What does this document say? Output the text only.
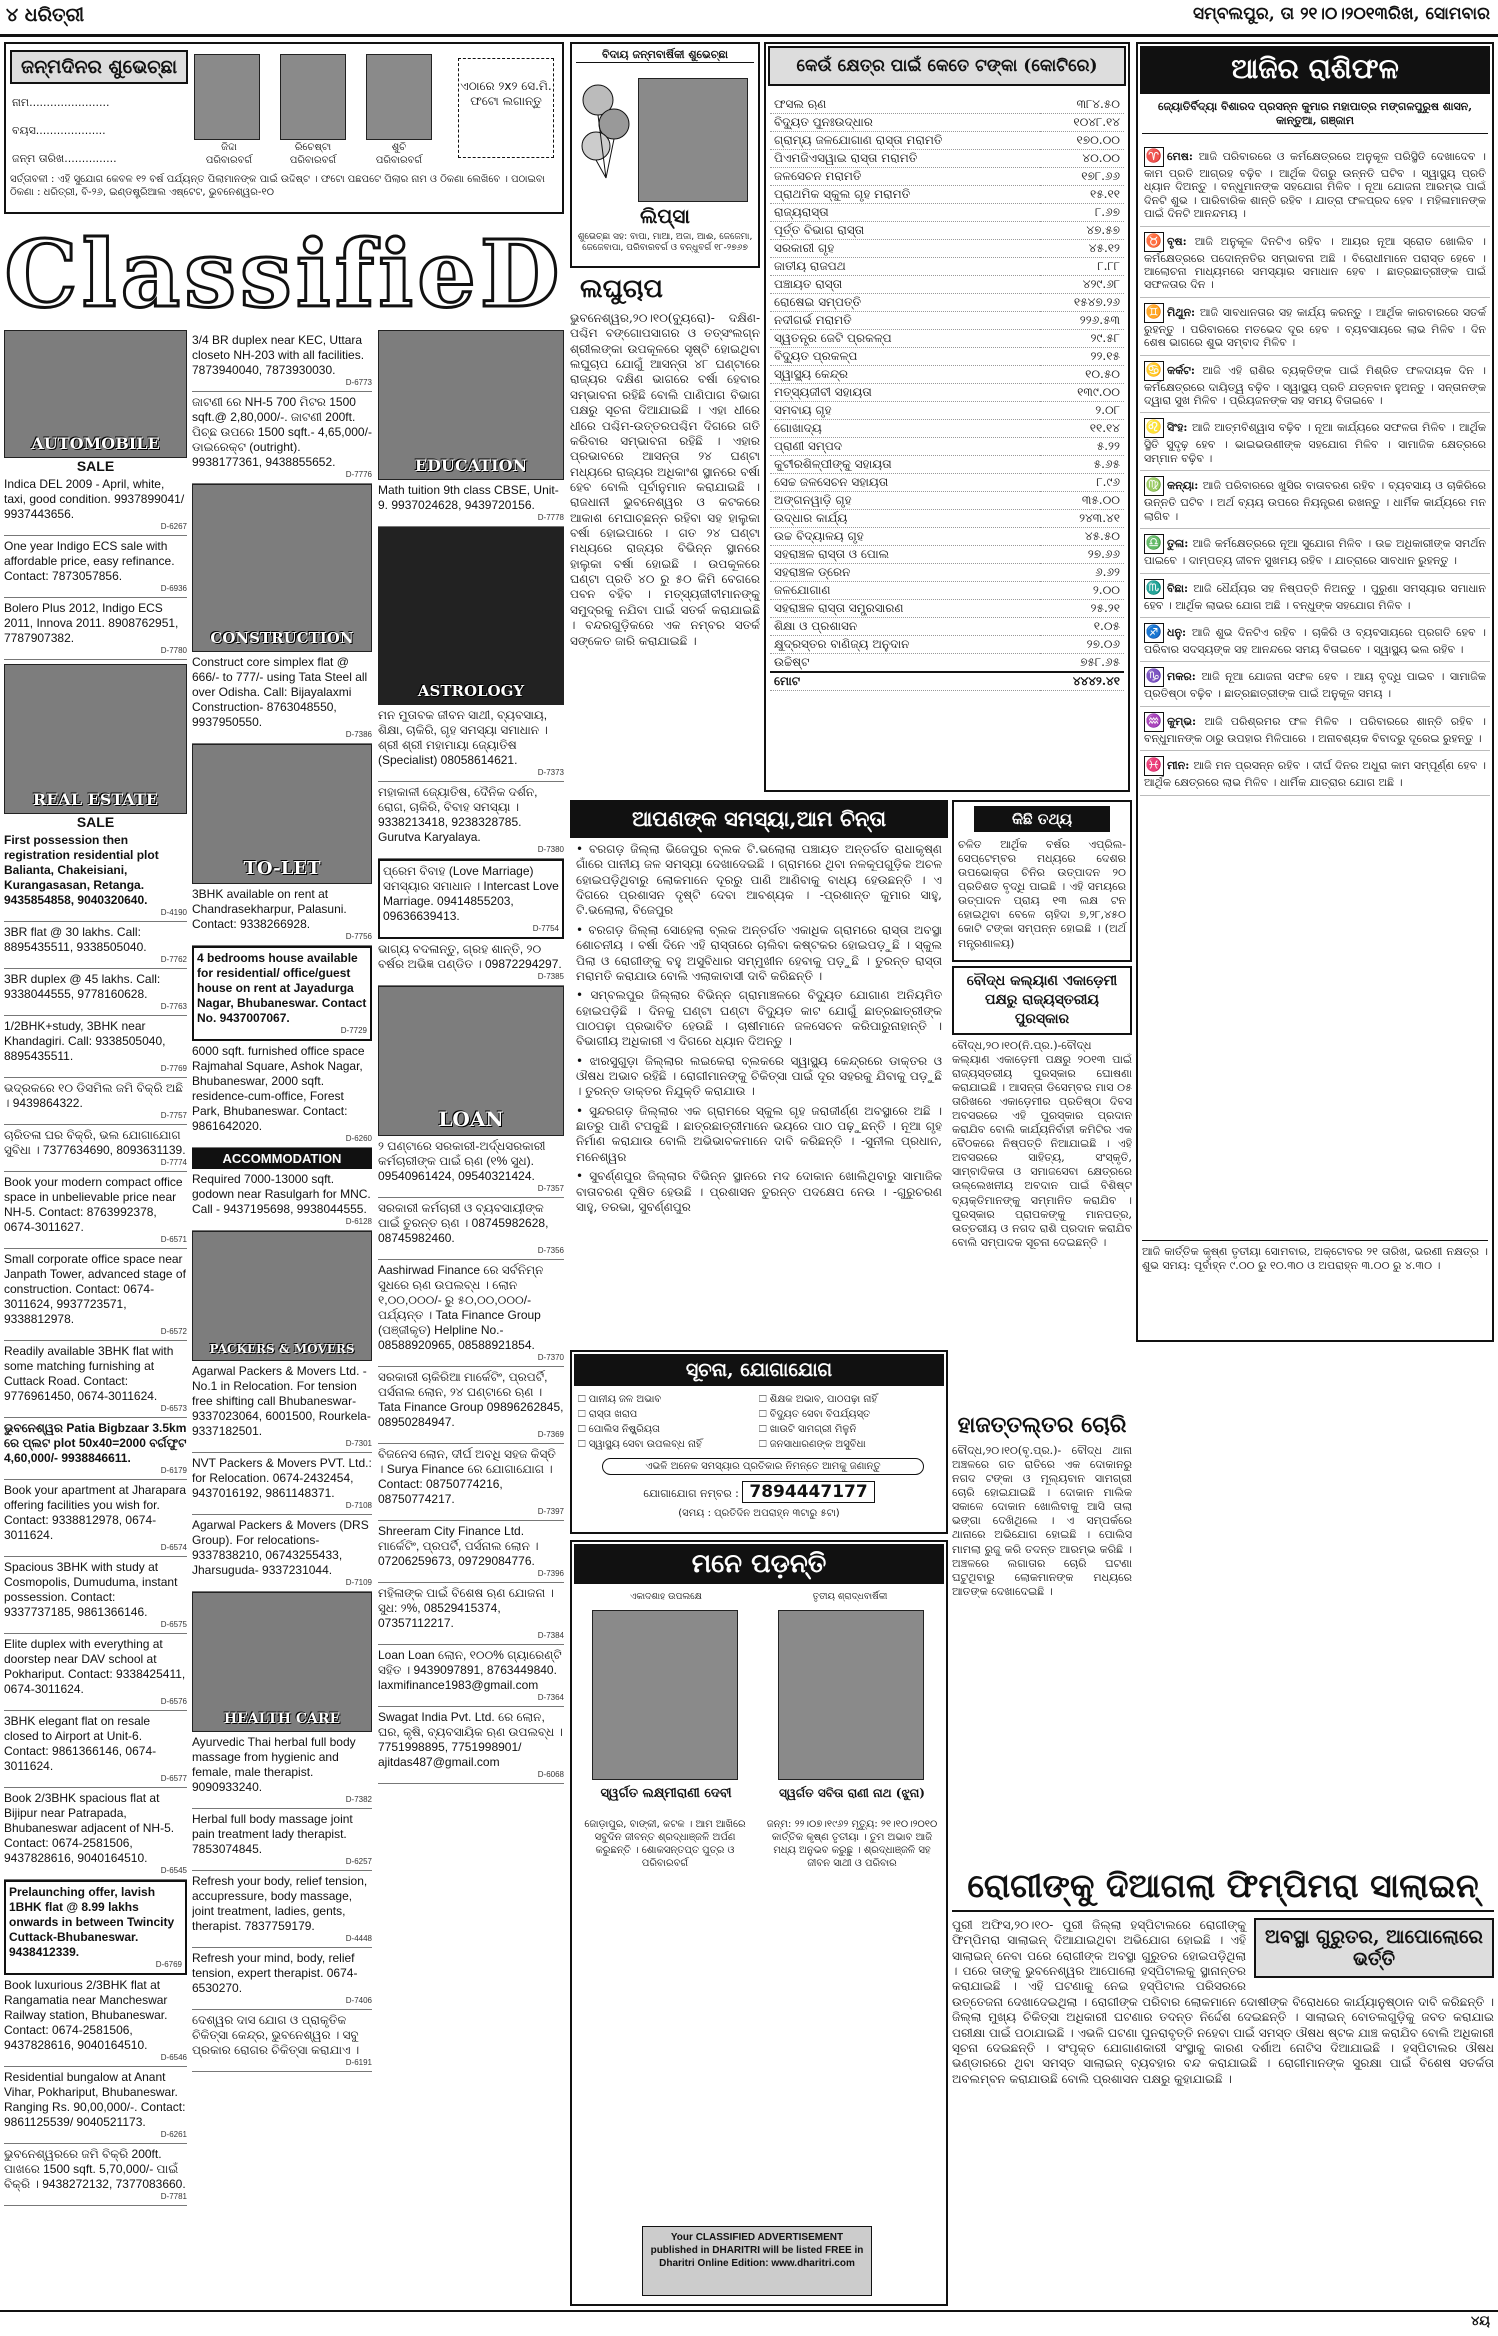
୪ ଧରିତ୍ରୀ	ସମ୍ବଲପୁର, ତା ୨୧।୦।୨୦୧୩ରିଖ, ସୋମବାର
ଜନ୍ମଦିନର ଶୁଭେଚ୍ଛା
ନାମ.......................
ବୟସ....................
ଜନ୍ମ ତାରିଖ...............
ଜିଦ୍ଦା
ପରିବାରବର୍ଗ
ରିଚେଷ୍ଟା
ପରିବାରବର୍ଗ
ଶୁଚି
ପରିବାରବର୍ଗ
ଏଠାରେ ୨x୨ ସେ.ମି. ଫଟୋ ଲଗାନ୍ତୁ
ସର୍ତ୍ତାବଳୀ : ଏହି ସୁଯୋଗ କେବଳ ୧୨ ବର୍ଷ ପର୍ଯ୍ୟନ୍ତ ପିଲାମାନଙ୍କ ପାଇଁ ଉଦ୍ଦିଷ୍ଟ । ଫଟୋ ପଛପଟେ ପିଲାର ନାମ ଓ ଠିକଣା ଲେଖିବେ । ପଠାଇବା ଠିକଣା : ଧରିତ୍ରୀ, ବି-୨୬, ଇଣ୍ଡଷ୍ଟ୍ରିଆଲ ଏଷ୍ଟେଟ, ଭୁବନେଶ୍ୱର-୧୦
ClassifieD
AUTOMOBILE
SALE
Indica DEL 2009 - April, white, taxi, good condition. 9937899041/ 9937443656.
D-6267
One year Indigo ECS sale with affordable price, easy refinance. Contact: 7873057856.
D-6936
Bolero Plus 2012, Indigo ECS 2011, Innova 2011. 8908762951, 7787907382.
D-7780
REAL ESTATE
SALE
First possession then registration residential plot Balianta, Chakeisiani, Kurangasasan, Retanga. 9435854858, 9040320640.
D-4190
3BR flat @ 30 lakhs. Call: 8895435511, 9338505040.
D-7762
3BR duplex @ 45 lakhs. Call: 9338044555, 9778160628.
D-7763
1/2BHK+study, 3BHK near Khandagiri. Call: 9338505040, 8895435511.
D-7769
ଭଦ୍ରକରେ ୧୦ ଡିସମିଲ ଜମି ବିକ୍ରି ଅଛି । 9439864322.
D-7757
ଚାରିତଳା ଘର ବିକ୍ରି, ଭଲ ଯୋଗାଯୋଗ ସୁବିଧା । 7377634690, 8093631139.
D-7774
Book your modern compact office space in unbelievable price near NH-5. Contact: 8763992378, 0674-3011627.
D-6571
Small corporate office space near Janpath Tower, advanced stage of construction. Contact: 0674-3011624, 9937723571, 9338812978.
D-6572
Readily available 3BHK flat with some matching furnishing at Cuttack Road. Contact: 9776961450, 0674-3011624.
D-6573
ଭୁବନେଶ୍ୱର Patia Bigbzaar 3.5km ରେ ପ୍ଲଟ plot 50x40=2000 ବର୍ଗଫୁଟ 4,60,000/- 9938846611.
D-6179
Book your apartment at Jharapara offering facilities you wish for. Contact: 9338812978, 0674-3011624.
D-6574
Spacious 3BHK with study at Cosmopolis, Dumuduma, instant possession. Contact: 9337737185, 9861366146.
D-6575
Elite duplex with everything at doorstep near DAV school at Pokhariput. Contact: 9338425411, 0674-3011624.
D-6576
3BHK elegant flat on resale closed to Airport at Unit-6. Contact: 9861366146, 0674-3011624.
D-6577
Book 2/3BHK spacious flat at Bijipur near Patrapada, Bhubaneswar adjacent of NH-5. Contact: 0674-2581506, 9437828616, 9040164510.
D-6545
Prelaunching offer, lavish 1BHK flat @ 8.99 lakhs onwards in between Twincity Cuttack-Bhubaneswar. 9438412339.
D-6769
Book luxurious 2/3BHK flat at Rangamatia near Mancheswar Railway station, Bhubaneswar. Contact: 0674-2581506, 9437828616, 9040164510.
D-6546
Residential bungalow at Anant Vihar, Pokhariput, Bhubaneswar. Ranging Rs. 90,00,000/-. Contact: 9861125539/ 9040521173.
D-6261
ଭୁବନେଶ୍ୱରରେ ଜମି ବିକ୍ରି 200ft. ପାଖରେ 1500 sqft. 5,70,000/- ପାଇଁ ବିକ୍ରି । 9438272132, 7377083660.
D-7781
3/4 BR duplex near KEC, Uttara closeto NH-203 with all facilities. 7873940040, 7873930030.
D-6773
ଜାଟଣୀ ରେ NH-5 700 ମିଟର 1500 sqft.@ 2,80,000/-. ଜାଟଣୀ 200ft. ପିଚ୍ଛ ଉପରେ 1500 sqft.- 4,65,000/- ଡାଇରେକ୍ଟ (outright). 9938177361, 9438855652.
D-7776
CONSTRUCTION
Construct core simplex flat @ 666/- to 777/- using Tata Steel all over Odisha. Call: Bijayalaxmi Construction- 8763048550, 9937950550.
D-7386
TO-LET
3BHK available on rent at Chandrasekharpur, Palasuni. Contact: 9338266928.
D-7756
4 bedrooms house available for residential/ office/guest house on rent at Jayadurga Nagar, Bhubaneswar. Contact No. 9437007067.
D-7729
6000 sqft. furnished office space Rajmahal Square, Ashok Nagar, Bhubaneswar, 2000 sqft. residence-cum-office, Forest Park, Bhubaneswar. Contact: 9861642020.
D-6260
ACCOMMODATION
Required 7000-13000 sqft. godown near Rasulgarh for MNC. Call - 9437195698, 9938044555.
D-6128
PACKERS & MOVERS
Agarwal Packers & Movers Ltd. - No.1 in Relocation. For tension free shifting call Bhubaneswar- 9337023064, 6001500, Rourkela- 9337182501.
D-7301
NVT Packers & Movers PVT. Ltd.: for Relocation. 0674-2432454, 9437016192, 9861148371.
D-7108
Agarwal Packers & Movers (DRS Group). For relocations- 9337838210, 06743255433, Jharsuguda- 9337231044.
D-7109
HEALTH CARE
Ayurvedic Thai herbal full body massage from hygienic and female, male therapist. 9090933240.
D-7382
Herbal full body massage joint pain treatment lady therapist. 7853074845.
D-6257
Refresh your body, relief tension, accupressure, body massage, joint treatment, ladies, gents, therapist. 7837759179.
D-4448
Refresh your mind, body, relief tension, expert therapist. 0674-6530270.
D-7406
ଦେଶ୍ୱର ଦାସ ଯୋଗ ଓ ପ୍ରାକୃତିକ ଚିକିତ୍ସା କେନ୍ଦ୍ର, ଭୁବନେଶ୍ୱର । ସବୁ ପ୍ରକାର ରୋଗର ଚିକିତ୍ସା କରାଯାଏ ।
D-6191
EDUCATION
Math tuition 9th class CBSE, Unit-9. 9937024628, 9439720156.
D-7778
ASTROLOGY
ମନ ମୁତାବକ ଜୀବନ ସାଥୀ, ବ୍ୟବସାୟ, ଶିକ୍ଷା, ଚାକିରି, ଗୃହ ସମସ୍ୟା ସମାଧାନ । ଶ୍ରୀ ଶ୍ରୀ ମହାମାୟା ଜ୍ୟୋତିଷ (Specialist) 08058614621.
D-7373
ମହାକାଳୀ ଜ୍ୟୋତିଷ, ଦୈନିକ ଦର୍ଶନ, ରୋଗ, ଚାକିରି, ବିବାହ ସମସ୍ୟା । 9338213418, 9238328785. Gurutva Karyalaya.
D-7380
ପ୍ରେମ ବିବାହ (Love Marriage) ସମସ୍ୟାର ସମାଧାନ । Intercast Love Marriage. 09414855203, 09636639413.
D-7754
ଭାଗ୍ୟ ବଦଳାନ୍ତୁ, ଗ୍ରହ ଶାନ୍ତି, ୨୦ ବର୍ଷର ଅଭିଜ୍ଞ ପଣ୍ଡିତ । 09872294297.
D-7385
LOAN
୨ ଘଣ୍ଟାରେ ସରକାରୀ-ଅର୍ଦ୍ଧସରକାରୀ କର୍ମଚାରୀଙ୍କ ପାଇଁ ଋଣ (୧% ସୁଧ). 09540961424, 09540321424.
D-7357
ସରକାରୀ କର୍ମଚାରୀ ଓ ବ୍ୟବସାୟୀଙ୍କ ପାଇଁ ତୁରନ୍ତ ଋଣ । 08745982628, 08745982460.
D-7356
Aashirwad Finance ରେ ସର୍ବନିମ୍ନ ସୁଧରେ ଋଣ ଉପଲବ୍ଧ । ଲୋନ ୧,୦୦,୦୦୦/- ରୁ ୫୦,୦୦,୦୦୦/- ପର୍ଯ୍ୟନ୍ତ । Tata Finance Group (ପଞ୍ଜୀକୃତ) Helpline No.- 08588920965, 08588921854.
D-7370
ସରକାରୀ ଚାକିରିଆ ମାର୍କେଟିଂ, ପ୍ରପର୍ଟି, ପର୍ସନାଲ ଲୋନ, ୨୪ ଘଣ୍ଟାରେ ଋଣ । Tata Finance Group 09896262845, 08950284947.
D-7369
ବିଜନେସ ଲୋନ, ଦୀର୍ଘ ଅବଧି ସହଜ କିସ୍ତି । Surya Finance ରେ ଯୋଗାଯୋଗ । Contact: 08750774216, 08750774217.
D-7397
Shreeram City Finance Ltd. ମାର୍କେଟିଂ, ପ୍ରପର୍ଟି, ପର୍ସନାଲ ଲୋନ । 07206259673, 09729084776.
D-7396
ମହିଳାଙ୍କ ପାଇଁ ବିଶେଷ ଋଣ ଯୋଜନା । ସୁଧ: ୨%, 08529415374, 07357112217.
D-7384
Loan Loan ଲୋନ, ୧୦୦% ଗ୍ୟାରେଣ୍ଟି ସହିତ । 9439097891, 8763449840. laxmifinance1983@gmail.com
D-7364
Swagat India Pvt. Ltd. ରେ ଲୋନ, ଘର, କୃଷି, ବ୍ୟବସାୟିକ ଋଣ ଉପଲବ୍ଧ । 7751998895, 7751998901/ ajitdas487@gmail.com
D-6068
ବିଦାୟ ଜନ୍ମବାର୍ଷିକୀ ଶୁଭେଚ୍ଛା
ଲିପ୍ସା
ଶୁଭେଚ୍ଛା ସହ: ବାପା, ମାଆ, ଅଜା, ଆଈ, ଜେଜେମା, ଜେଜେବାପା, ପରିବାରବର୍ଗ ଓ ବନ୍ଧୁବର୍ଗ ୧୮-୨୭୬୭
ଲଘୁଚାପ
ଭୁବନେଶ୍ୱର,୨୦।୧୦(ବ୍ୟୁରୋ)- ଦକ୍ଷିଣ-ପଶ୍ଚିମ ବଙ୍ଗୋପସାଗର ଓ ତତ୍ସଂଲଗ୍ନ ଶ୍ରୀଲଙ୍କା ଉପକୂଳରେ ସୃଷ୍ଟି ହୋଇଥିବା ଲଘୁଚାପ ଯୋଗୁଁ ଆସନ୍ତା ୪୮ ଘଣ୍ଟାରେ ରାଜ୍ୟର ଦକ୍ଷିଣ ଭାଗରେ ବର୍ଷା ହେବାର ସମ୍ଭାବନା ରହିଛି ବୋଲି ପାଣିପାଗ ବିଭାଗ ପକ୍ଷରୁ ସୂଚନା ଦିଆଯାଇଛି । ଏହା ଧୀରେ ଧୀରେ ପଶ୍ଚିମ-ଉତ୍ତରପଶ୍ଚିମ ଦିଗରେ ଗତି କରିବାର ସମ୍ଭାବନା ରହିଛି । ଏହାର ପ୍ରଭାବରେ ଆସନ୍ତା ୨୪ ଘଣ୍ଟା ମଧ୍ୟରେ ରାଜ୍ୟର ଅଧିକାଂଶ ସ୍ଥାନରେ ବର୍ଷା ହେବ ବୋଲି ପୂର୍ବାନୁମାନ କରାଯାଇଛି । ରାଜଧାନୀ ଭୁବନେଶ୍ୱର ଓ କଟକରେ ଆକାଶ ମେଘାଚ୍ଛନ୍ନ ରହିବା ସହ ହାଲୁକା ବର୍ଷା ହୋଇପାରେ । ଗତ ୨୪ ଘଣ୍ଟା ମଧ୍ୟରେ ରାଜ୍ୟର ବିଭିନ୍ନ ସ୍ଥାନରେ ହାଲୁକା ବର୍ଷା ହୋଇଛି । ଉପକୂଳରେ ଘଣ୍ଟା ପ୍ରତି ୪୦ ରୁ ୫୦ କିମି ବେଗରେ ପବନ ବହିବ । ମତ୍ସ୍ୟଜୀବୀମାନଙ୍କୁ ସମୁଦ୍ରକୁ ନଯିବା ପାଇଁ ସତର୍କ କରାଯାଇଛି । ବନ୍ଦରଗୁଡ଼ିକରେ ଏକ ନମ୍ବର ସତର୍କ ସଙ୍କେତ ଜାରି କରାଯାଇଛି ।
କେଉଁ କ୍ଷେତ୍ର ପାଇଁ କେତେ ଟଙ୍କା (କୋଟିରେ)
ଫସଲ ଋଣ	୩୮୪.୫୦
ବିଦ୍ୟୁତ ପୁନଃଉଦ୍ଧାର	୧୦୪୮.୧୪
ଗ୍ରାମ୍ୟ ଜଳଯୋଗାଣ ରାସ୍ତା ମରାମତି	୧୭୦.୦୦
ପିଏମଜିଏସୱାଇ ରାସ୍ତା ମରାମତି	୪୦.୦୦
ଜଳସେଚନ ମରାମତି	୧୭୮.୬୬
ପ୍ରାଥମିକ ସ୍କୁଲ ଗୃହ ମରାମତି	୧୫.୧୧
ରାଜ୍ୟରାସ୍ତା	୮.୬୭
ପୂର୍ତ୍ତ ବିଭାଗ ରାସ୍ତା	୪୭.୫୭
ସରକାରୀ ଗୃହ	୪୫.୧୨
ଜାତୀୟ ରାଜପଥ	୮.୮୮
ପଞ୍ଚାୟତ ରାସ୍ତା	୪୨୯.୬୮
ରୋଷେଇ ସମ୍ପତ୍ତି	୧୫୪୭.୨୬
ନଦୀଗର୍ଭ ମରାମତି	୨୨୬.୫୩
ସ୍ୱତନ୍ତ୍ର ଜେଟି ପ୍ରକଳ୍ପ	୨୯.୫୮
ବିଦ୍ୟୁତ ପ୍ରକଳ୍ପ	୨୨.୧୫
ସ୍ୱାସ୍ଥ୍ୟ କେନ୍ଦ୍ର	୧୦.୫୦
ମତ୍ସ୍ୟଜୀବୀ ସହାୟତା	୧୩୯.୦୦
ସମବାୟ ଗୃହ	୨.୦୮
ଗୋଖାଦ୍ୟ	୧୧.୧୪
ପ୍ରାଣୀ ସମ୍ପଦ	୫.୨୨
କୁଟୀରଶିଳ୍ପୀଙ୍କୁ ସହାୟତା	୫.୬୫
ସେଚ୍ଚ ଜଳସେଚନ ସହାୟତା	୮.୯୬
ଅଙ୍ଗନୱାଡ଼ି ଗୃହ	୩୫.୦୦
ଉଦ୍ଧାର କାର୍ଯ୍ୟ	୨୪୩.୪୧
ଉଚ୍ଚ ବିଦ୍ୟାଳୟ ଗୃହ	୪୫.୫୦
ସହରାଞ୍ଚଳ ରାସ୍ତା ଓ ପୋଲ	୨୭.୬୬
ସହରାଞ୍ଚଳ ଡ୍ରେନ	୬.୬୨
ଜଳଯୋଗାଣ	୨.୦୦
ସହରାଞ୍ଚଳ ରାସ୍ତା ସମ୍ପ୍ରସାରଣ	୨୫.୨୧
ଶିକ୍ଷା ଓ ପ୍ରଶାସନ	୧.୦୫
କ୍ଷୁଦ୍ରସ୍ତର ବାଣିଜ୍ୟ ଅନୁଦାନ	୨୭.୦୬
ଉଚ୍ଚିଷ୍ଟ	୭୫୮.୬୫
ମୋଟ	୪୪୪୨.୪୧
ଆଜିର ରାଶିଫଳ
ଜ୍ୟୋତିର୍ବିଦ୍ୟା ବିଶାରଦ ପ୍ରସନ୍ନ କୁମାର ମହାପାତ୍ର ମଙ୍ଗଳପୁରୁଷ ଶାସନ, କାନ୍ତୁଆ, ଗଞ୍ଜାମ
♈ ମେଷ: ଆଜି ପରିବାରରେ ଓ କର୍ମକ୍ଷେତ୍ରରେ ଅନୁକୂଳ ପରିସ୍ଥିତି ଦେଖାଦେବ । କାମ ପ୍ରତି ଆଗ୍ରହ ବଢ଼ିବ । ଆର୍ଥିକ ଦିଗରୁ ଉନ୍ନତି ଘଟିବ । ସ୍ୱାସ୍ଥ୍ୟ ପ୍ରତି ଧ୍ୟାନ ଦିଅନ୍ତୁ । ବନ୍ଧୁମାନଙ୍କ ସହଯୋଗ ମିଳିବ । ନୂଆ ଯୋଜନା ଆରମ୍ଭ ପାଇଁ ଦିନଟି ଶୁଭ । ପାରିବାରିକ ଶାନ୍ତି ରହିବ । ଯାତ୍ରା ଫଳପ୍ରଦ ହେବ । ମହିଳାମାନଙ୍କ ପାଇଁ ଦିନଟି ଆନନ୍ଦମୟ ।
♉ ବୃଷ: ଆଜି ଅନୁକୂଳ ଦିନଟିଏ ରହିବ । ଆୟର ନୂଆ ସ୍ରୋତ ଖୋଲିବ । କର୍ମକ୍ଷେତ୍ରରେ ପଦୋନ୍ନତିର ସମ୍ଭାବନା ଅଛି । ବିରୋଧୀମାନେ ପରାସ୍ତ ହେବେ । ଆଲୋଚନା ମାଧ୍ୟମରେ ସମସ୍ୟାର ସମାଧାନ ହେବ । ଛାତ୍ରଛାତ୍ରୀଙ୍କ ପାଇଁ ସଫଳତାର ଦିନ ।
♊ ମିଥୁନ: ଆଜି ସାବଧାନତାର ସହ କାର୍ଯ୍ୟ କରନ୍ତୁ । ଆର୍ଥିକ କାରବାରରେ ସତର୍କ ରୁହନ୍ତୁ । ପରିବାରରେ ମତଭେଦ ଦୂର ହେବ । ବ୍ୟବସାୟରେ ଲାଭ ମିଳିବ । ଦିନ ଶେଷ ଭାଗରେ ଶୁଭ ସମ୍ବାଦ ମିଳିବ ।
♋ କର୍କଟ: ଆଜି ଏହି ରାଶିର ବ୍ୟକ୍ତିଙ୍କ ପାଇଁ ମିଶ୍ରିତ ଫଳଦାୟକ ଦିନ । କର୍ମକ୍ଷେତ୍ରରେ ଦାୟିତ୍ୱ ବଢ଼ିବ । ସ୍ୱାସ୍ଥ୍ୟ ପ୍ରତି ଯତ୍ନବାନ ହୁଅନ୍ତୁ । ସନ୍ତାନଙ୍କ ଦ୍ୱାରା ସୁଖ ମିଳିବ । ପ୍ରିୟଜନଙ୍କ ସହ ସମୟ ବିତାଇବେ ।
♌ ସିଂହ: ଆଜି ଆତ୍ମବିଶ୍ୱାସ ବଢ଼ିବ । ନୂଆ କାର୍ଯ୍ୟରେ ସଫଳତା ମିଳିବ । ଆର୍ଥିକ ସ୍ଥିତି ସୁଦୃଢ଼ ହେବ । ଭାଇଭଉଣୀଙ୍କ ସହଯୋଗ ମିଳିବ । ସାମାଜିକ କ୍ଷେତ୍ରରେ ସମ୍ମାନ ବଢ଼ିବ ।
♍ କନ୍ୟା: ଆଜି ପରିବାରରେ ଖୁସିର ବାତାବରଣ ରହିବ । ବ୍ୟବସାୟ ଓ ଚାକିରିରେ ଉନ୍ନତି ଘଟିବ । ଅର୍ଥ ବ୍ୟୟ ଉପରେ ନିୟନ୍ତ୍ରଣ ରଖନ୍ତୁ । ଧାର୍ମିକ କାର୍ଯ୍ୟରେ ମନ ଲାଗିବ ।
♎ ତୁଳା: ଆଜି କର୍ମକ୍ଷେତ୍ରରେ ନୂଆ ସୁଯୋଗ ମିଳିବ । ଉଚ୍ଚ ଅଧିକାରୀଙ୍କ ସମର୍ଥନ ପାଇବେ । ଦାମ୍ପତ୍ୟ ଜୀବନ ସୁଖମୟ ରହିବ । ଯାତ୍ରାରେ ସାବଧାନ ରୁହନ୍ତୁ ।
♏ ବିଛା: ଆଜି ଧୈର୍ଯ୍ୟର ସହ ନିଷ୍ପତ୍ତି ନିଅନ୍ତୁ । ପୁରୁଣା ସମସ୍ୟାର ସମାଧାନ ହେବ । ଆର୍ଥିକ ଲାଭର ଯୋଗ ଅଛି । ବନ୍ଧୁଙ୍କ ସହଯୋଗ ମିଳିବ ।
♐ ଧନୁ: ଆଜି ଶୁଭ ଦିନଟିଏ ରହିବ । ଚାକିରି ଓ ବ୍ୟବସାୟରେ ପ୍ରଗତି ହେବ । ପରିବାର ସଦସ୍ୟଙ୍କ ସହ ଆନନ୍ଦରେ ସମୟ ବିତାଇବେ । ସ୍ୱାସ୍ଥ୍ୟ ଭଲ ରହିବ ।
♑ ମକର: ଆଜି ନୂଆ ଯୋଜନା ସଫଳ ହେବ । ଆୟ ବୃଦ୍ଧି ପାଇବ । ସାମାଜିକ ପ୍ରତିଷ୍ଠା ବଢ଼ିବ । ଛାତ୍ରଛାତ୍ରୀଙ୍କ ପାଇଁ ଅନୁକୂଳ ସମୟ ।
♒ କୁମ୍ଭ: ଆଜି ପରିଶ୍ରମର ଫଳ ମିଳିବ । ପରିବାରରେ ଶାନ୍ତି ରହିବ । ବନ୍ଧୁମାନଙ୍କ ଠାରୁ ଉପହାର ମିଳିପାରେ । ଅନାବଶ୍ୟକ ବିବାଦରୁ ଦୂରେଇ ରୁହନ୍ତୁ ।
♓ ମୀନ: ଆଜି ମନ ପ୍ରସନ୍ନ ରହିବ । ଦୀର୍ଘ ଦିନର ଅଧୁରା କାମ ସମ୍ପୂର୍ଣ୍ଣ ହେବ । ଆର୍ଥିକ କ୍ଷେତ୍ରରେ ଲାଭ ମିଳିବ । ଧାର୍ମିକ ଯାତ୍ରାର ଯୋଗ ଅଛି ।
ଆଜି କାର୍ତ୍ତିକ କୃଷ୍ଣ ତୃତୀୟା ସୋମବାର, ଅକ୍ଟୋବର ୨୧ ତାରିଖ, ଭରଣୀ ନକ୍ଷତ୍ର । ଶୁଭ ସମୟ: ପୂର୍ବାହ୍ନ ୯.୦୦ ରୁ ୧୦.୩୦ ଓ ଅପରାହ୍ନ ୩.୦୦ ରୁ ୪.୩୦ ।
ଆପଣଙ୍କ ସମସ୍ୟା,ଆମ ଚିନ୍ତା

• ବରଗଡ଼ ଜିଲ୍ଲା ଭିଜେପୁର ବ୍ଲକ ଟି.ଭଲୋଲା ପଞ୍ଚାୟତ ଅନ୍ତର୍ଗତ ରାଧାକୃଷ୍ଣ ଗାଁରେ ପାନୀୟ ଜଳ ସମସ୍ୟା ଦେଖାଦେଇଛି । ଗ୍ରାମରେ ଥିବା ନଳକୂପଗୁଡ଼ିକ ଅଚଳ ହୋଇପଡ଼ିଥିବାରୁ ଲୋକମାନେ ଦୂରରୁ ପାଣି ଆଣିବାକୁ ବାଧ୍ୟ ହେଉଛନ୍ତି । ଏ ଦିଗରେ ପ୍ରଶାସନ ଦୃଷ୍ଟି ଦେବା ଆବଶ୍ୟକ । -ପ୍ରଶାନ୍ତ କୁମାର ସାହୁ, ଟି.ଭଲୋଲା, ବିଜେପୁର

• ବରଗଡ଼ ଜିଲ୍ଲା ସୋହେଲା ବ୍ଲକ ଅନ୍ତର୍ଗତ ଏକାଧିକ ଗ୍ରାମରେ ରାସ୍ତା ଅବସ୍ଥା ଶୋଚନୀୟ । ବର୍ଷା ଦିନେ ଏହି ରାସ୍ତାରେ ଚାଲିବା କଷ୍ଟକର ହୋଇପଡ଼ୁଛି । ସ୍କୁଲ ପିଲା ଓ ରୋଗୀଙ୍କୁ ବହୁ ଅସୁବିଧାର ସମ୍ମୁଖୀନ ହେବାକୁ ପଡ଼ୁଛି । ତୁରନ୍ତ ରାସ୍ତା ମରାମତି କରାଯାଉ ବୋଲି ଏଲାକାବାସୀ ଦାବି କରିଛନ୍ତି ।

• ସମ୍ବଲପୁର ଜିଲ୍ଲାର ବିଭିନ୍ନ ଗ୍ରାମାଞ୍ଚଳରେ ବିଦ୍ୟୁତ ଯୋଗାଣ ଅନିୟମିତ ହୋଇପଡ଼ିଛି । ଦିନକୁ ଘଣ୍ଟା ଘଣ୍ଟା ବିଦ୍ୟୁତ କାଟ ଯୋଗୁଁ ଛାତ୍ରଛାତ୍ରୀଙ୍କ ପାଠପଢ଼ା ପ୍ରଭାବିତ ହେଉଛି । ଚାଷୀମାନେ ଜଳସେଚନ କରିପାରୁନାହାନ୍ତି । ବିଭାଗୀୟ ଅଧିକାରୀ ଏ ଦିଗରେ ଧ୍ୟାନ ଦିଅନ୍ତୁ ।

• ଝାରସୁଗୁଡ଼ା ଜିଲ୍ଲାର ଲଇକେରା ବ୍ଲକରେ ସ୍ୱାସ୍ଥ୍ୟ କେନ୍ଦ୍ରରେ ଡାକ୍ତର ଓ ଔଷଧ ଅଭାବ ରହିଛି । ରୋଗୀମାନଙ୍କୁ ଚିକିତ୍ସା ପାଇଁ ଦୂର ସହରକୁ ଯିବାକୁ ପଡ଼ୁଛି । ତୁରନ୍ତ ଡାକ୍ତର ନିଯୁକ୍ତି କରାଯାଉ ।

• ସୁନ୍ଦରଗଡ଼ ଜିଲ୍ଲାର ଏକ ଗ୍ରାମରେ ସ୍କୁଲ ଗୃହ ଜରାଜୀର୍ଣ୍ଣ ଅବସ୍ଥାରେ ଅଛି । ଛାତରୁ ପାଣି ଟପକୁଛି । ଛାତ୍ରଛାତ୍ରୀମାନେ ଭୟରେ ପାଠ ପଢ଼ୁଛନ୍ତି । ନୂଆ ଗୃହ ନିର୍ମାଣ କରାଯାଉ ବୋଲି ଅଭିଭାବକମାନେ ଦାବି କରିଛନ୍ତି । -ସୁନୀଲ ପ୍ରଧାନ, ମନେଶ୍ୱର

• ସୁବର୍ଣ୍ଣପୁର ଜିଲ୍ଲାର ବିଭିନ୍ନ ସ୍ଥାନରେ ମଦ ଦୋକାନ ଖୋଲିଥିବାରୁ ସାମାଜିକ ବାତାବରଣ ଦୂଷିତ ହେଉଛି । ପ୍ରଶାସନ ତୁରନ୍ତ ପଦକ୍ଷେପ ନେଉ । -ଗୁରୁଚରଣ ସାହୁ, ତରଭା, ସୁବର୍ଣ୍ଣପୁର

କିଛି ତଥ୍ୟ
ଚଳିତ ଆର୍ଥିକ ବର୍ଷର ଏପ୍ରିଲ-ସେପ୍ଟେମ୍ବର ମଧ୍ୟରେ ଦେଶର ଉପଭୋକ୍ତା ଚିନିର ଉତ୍ପାଦନ ୨୦ ପ୍ରତିଶତ ବୃଦ୍ଧି ପାଇଛି । ଏହି ସମୟରେ ଉତ୍ପାଦନ ପ୍ରାୟ ୧୩ ଲକ୍ଷ ଟନ ହୋଇଥିବା ବେଳେ ଚାହିଦା ୭,୨୮,୪୫୦ କୋଟି ଟଙ୍କା ସମ୍ପନ୍ନ ହୋଇଛି । (ଅର୍ଥ ମନ୍ତ୍ରଣାଳୟ)
ବୌଦ୍ଧ କଲ୍ୟାଣ ଏକାଡ଼େମୀ ପକ୍ଷରୁ ରାଜ୍ୟସ୍ତରୀୟ ପୁରସ୍କାର
ବୌଦ୍ଧ,୨୦।୧୦(ନି.ପ୍ର.)-ବୌଦ୍ଧ କଲ୍ୟାଣ ଏକାଡ଼େମୀ ପକ୍ଷରୁ ୨୦୧୩ ପାଇଁ ରାଜ୍ୟସ୍ତରୀୟ ପୁରସ୍କାର ଘୋଷଣା କରାଯାଇଛି । ଆସନ୍ତା ଡିସେମ୍ବର ମାସ ୦୫ ତାରିଖରେ ଏକାଡ଼େମୀର ପ୍ରତିଷ୍ଠା ଦିବସ ଅବସରରେ ଏହି ପୁରସ୍କାର ପ୍ରଦାନ କରାଯିବ ବୋଲି କାର୍ଯ୍ୟନିର୍ବାହୀ କମିଟିର ଏକ ବୈଠକରେ ନିଷ୍ପତ୍ତି ନିଆଯାଇଛି । ଏହି ଅବସରରେ ସାହିତ୍ୟ, ସଂସ୍କୃତି, ସାମ୍ବାଦିକତା ଓ ସମାଜସେବା କ୍ଷେତ୍ରରେ ଉଲ୍ଲେଖନୀୟ ଅବଦାନ ପାଇଁ ବିଶିଷ୍ଟ ବ୍ୟକ୍ତିମାନଙ୍କୁ ସମ୍ମାନିତ କରାଯିବ । ପୁରସ୍କାର ପ୍ରାପକଙ୍କୁ ମାନପତ୍ର, ଉତ୍ତରୀୟ ଓ ନଗଦ ରାଶି ପ୍ରଦାନ କରାଯିବ ବୋଲି ସମ୍ପାଦକ ସୂଚନା ଦେଇଛନ୍ତି ।
ହାଜତ୍ତଲ୍ତର ଚୋରି
ବୌଦ୍ଧ,୨୦।୧୦(ବୃ.ପ୍ର.)- ବୌଦ୍ଧ ଥାନା ଅଞ୍ଚଳରେ ଗତ ରାତିରେ ଏକ ଦୋକାନରୁ ନଗଦ ଟଙ୍କା ଓ ମୂଲ୍ୟବାନ ସାମଗ୍ରୀ ଚୋରି ହୋଇଯାଇଛି । ଦୋକାନ ମାଲିକ ସକାଳେ ଦୋକାନ ଖୋଲିବାକୁ ଆସି ତାଲା ଭଙ୍ଗା ଦେଖିଥିଲେ । ଏ ସମ୍ପର୍କରେ ଥାନାରେ ଅଭିଯୋଗ ହୋଇଛି । ପୋଲିସ ମାମଲା ରୁଜୁ କରି ତଦନ୍ତ ଆରମ୍ଭ କରିଛି । ଅଞ୍ଚଳରେ ଲଗାତାର ଚୋରି ଘଟଣା ଘଟୁଥିବାରୁ ଲୋକମାନଙ୍କ ମଧ୍ୟରେ ଆତଙ୍କ ଦେଖାଦେଇଛି ।
ସୂଚନା, ଯୋଗାଯୋଗ
☐ ପାନୀୟ ଜଳ ଅଭାବ	☐ ଶିକ୍ଷକ ଅଭାବ, ପାଠପଢ଼ା ନାହିଁ
☐ ରାସ୍ତା ଖରାପ	☐ ବିଦ୍ୟୁତ ସେବା ବିପର୍ଯ୍ୟସ୍ତ
☐ ପୋଲିସ ନିଷ୍କ୍ରିୟତା	☐ ଖାଉଟି ସାମଗ୍ରୀ ମିଳୁନି
☐ ସ୍ୱାସ୍ଥ୍ୟ ସେବା ଉପଲବ୍ଧ ନାହିଁ	☐ ଜନସାଧାରଣଙ୍କ ଅସୁବିଧା
ଏଭଳି ଅନେକ ସମସ୍ୟାର ପ୍ରତିକାର ନିମନ୍ତେ ଆମକୁ ଜଣାନ୍ତୁ
ଯୋଗାଯୋଗ ନମ୍ବର : 7894447177
(ସମୟ : ପ୍ରତିଦିନ ଅପରାହ୍ନ ୩ଟାରୁ ୫ଟା)
ମନେ ପଡ଼ନ୍ତି
ଏକାଦଶାହ ଉପଲକ୍ଷେ	ତୃତୀୟ ଶ୍ରାଦ୍ଧବାର୍ଷିକୀ
ସ୍ୱର୍ଗତ ଲକ୍ଷ୍ମୀରାଣୀ ଦେବୀ	ସ୍ୱର୍ଗତ ସବିତା ରାଣୀ ନାଥ (ଝୁନା)
ଜୋଡ଼ାପୁର, ବାଙ୍କୀ, କଟକ । ଆମ ଆଖିରେ ସବୁଦିନ ଜୀବନ୍ତ ଶ୍ରଦ୍ଧାଞ୍ଜଳି ଅର୍ପଣ କରୁଛନ୍ତି । ଶୋକସନ୍ତପ୍ତ ପୁତ୍ର ଓ ପରିବାରବର୍ଗ
ଜନ୍ମ: ୨୨।୦୭।୧୯୬୨ ମୃତ୍ୟୁ: ୨୧।୧୦।୨୦୧୦ କାର୍ତ୍ତିକ କୃଷ୍ଣ ତୃତୀୟା । ତୁମ ଅଭାବ ଆଜି ମଧ୍ୟ ଅନୁଭବ କରୁଛୁ । ଶ୍ରଦ୍ଧାଞ୍ଜଳି ସହ ଜୀବନ ସାଥୀ ଓ ପରିବାର
Your CLASSIFIED ADVERTISEMENT published in DHARITRI will be listed FREE in Dharitri Online Edition: www.dharitri.com
ରୋଗୀଙ୍କୁ ଦିଆଗଲା ଫିମ୍ପିମରା ସାଲାଇନ୍
ଅବସ୍ଥା ଗୁରୁତର, ଆପୋଲୋରେ ଭର୍ତ୍ତି
ପୁରୀ ଅଫିସ,୨୦।୧୦- ପୁରୀ ଜିଲ୍ଲା ହସ୍ପିଟାଲରେ ରୋଗୀଙ୍କୁ ଫିମ୍ପିମରା ସାଲାଇନ୍ ଦିଆଯାଇଥିବା ଅଭିଯୋଗ ହୋଇଛି । ଏହି ସାଲାଇନ୍ ନେବା ପରେ ରୋଗୀଙ୍କ ଅବସ୍ଥା ଗୁରୁତର ହୋଇପଡ଼ିଥିଲା । ପରେ ତାଙ୍କୁ ଭୁବନେଶ୍ୱର ଆପୋଲୋ ହସ୍ପିଟାଲକୁ ସ୍ଥାନାନ୍ତର କରାଯାଇଛି । ଏହି ଘଟଣାକୁ ନେଇ ହସ୍ପିଟାଲ ପରିସରରେ ଉତ୍ତେଜନା ଦେଖାଦେଇଥିଲା । ରୋଗୀଙ୍କ ପରିବାର ଲୋକମାନେ ଦୋଷୀଙ୍କ ବିରୋଧରେ କାର୍ଯ୍ୟାନୁଷ୍ଠାନ ଦାବି କରିଛନ୍ତି । ଜିଲ୍ଲା ମୁଖ୍ୟ ଚିକିତ୍ସା ଅଧିକାରୀ ଘଟଣାର ତଦନ୍ତ ନିର୍ଦ୍ଦେଶ ଦେଇଛନ୍ତି । ସାଲାଇନ୍ ବୋତଲଗୁଡ଼ିକୁ ଜବତ କରାଯାଇ ପରୀକ୍ଷା ପାଇଁ ପଠାଯାଇଛି । ଏଭଳି ଘଟଣା ପୁନରାବୃତ୍ତି ନହେବା ପାଇଁ ସମସ୍ତ ଔଷଧ ଷ୍ଟକ ଯାଞ୍ଚ କରାଯିବ ବୋଲି ଅଧିକାରୀ ସୂଚନା ଦେଇଛନ୍ତି । ସଂପୃକ୍ତ ଯୋଗାଣକାରୀ ସଂସ୍ଥାକୁ କାରଣ ଦର୍ଶାଅ ନୋଟିସ ଦିଆଯାଇଛି । ହସ୍ପିଟାଲର ଔଷଧ ଭଣ୍ଡାରରେ ଥିବା ସମସ୍ତ ସାଲାଇନ୍ ବ୍ୟବହାର ବନ୍ଦ କରାଯାଇଛି । ରୋଗୀମାନଙ୍କ ସୁରକ୍ଷା ପାଇଁ ବିଶେଷ ସତର୍କତା ଅବଲମ୍ବନ କରାଯାଉଛି ବୋଲି ପ୍ରଶାସନ ପକ୍ଷରୁ କୁହାଯାଇଛି ।
୪ୟ
